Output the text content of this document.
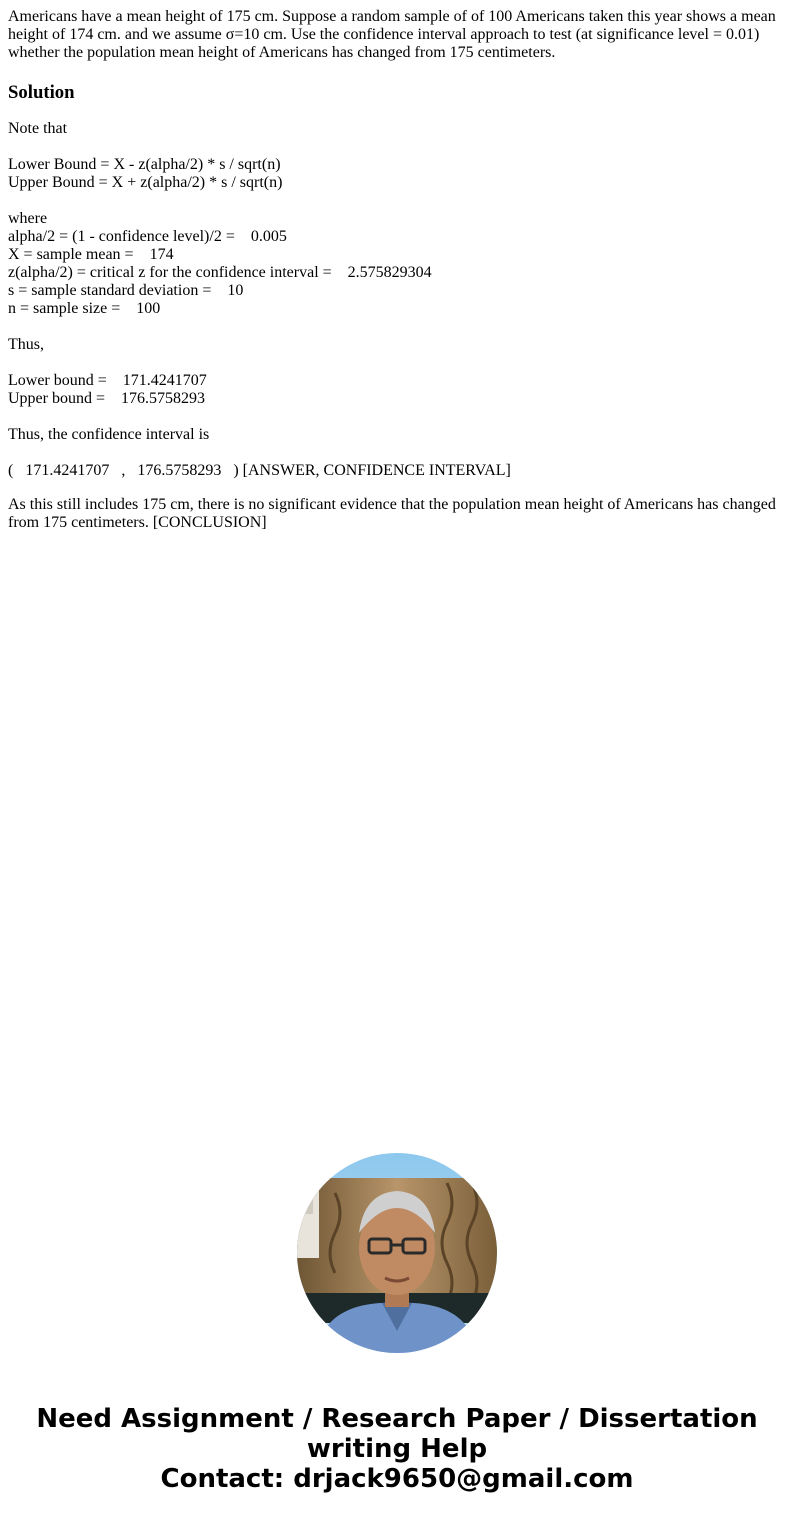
Americans have a mean height of 175 cm. Suppose a random sample of of 100 Americans taken this year shows a mean height of 174 cm. and we assume σ=10 cm. Use the confidence interval approach to test (at significance level = 0.01) whether the population mean height of Americans has changed from 175 centimeters.

Solution

Note that

Lower Bound = X - z(alpha/2) * s / sqrt(n)

Upper Bound = X + z(alpha/2) * s / sqrt(n)

where

alpha/2 = (1 - confidence level)/2 =    0.005

X = sample mean =    174

z(alpha/2) = critical z for the confidence interval =    2.575829304

s = sample standard deviation =    10

n = sample size =    100

Thus,

Lower bound =    171.4241707

Upper bound =    176.5758293

Thus, the confidence interval is

(   171.4241707   ,   176.5758293   ) [ANSWER, CONFIDENCE INTERVAL]

As this still includes 175 cm, there is no significant evidence that the population mean height of Americans has changed from 175 centimeters. [CONCLUSION]

Need Assignment / Research Paper / Dissertation
writing Help
Contact: drjack9650@gmail.com
